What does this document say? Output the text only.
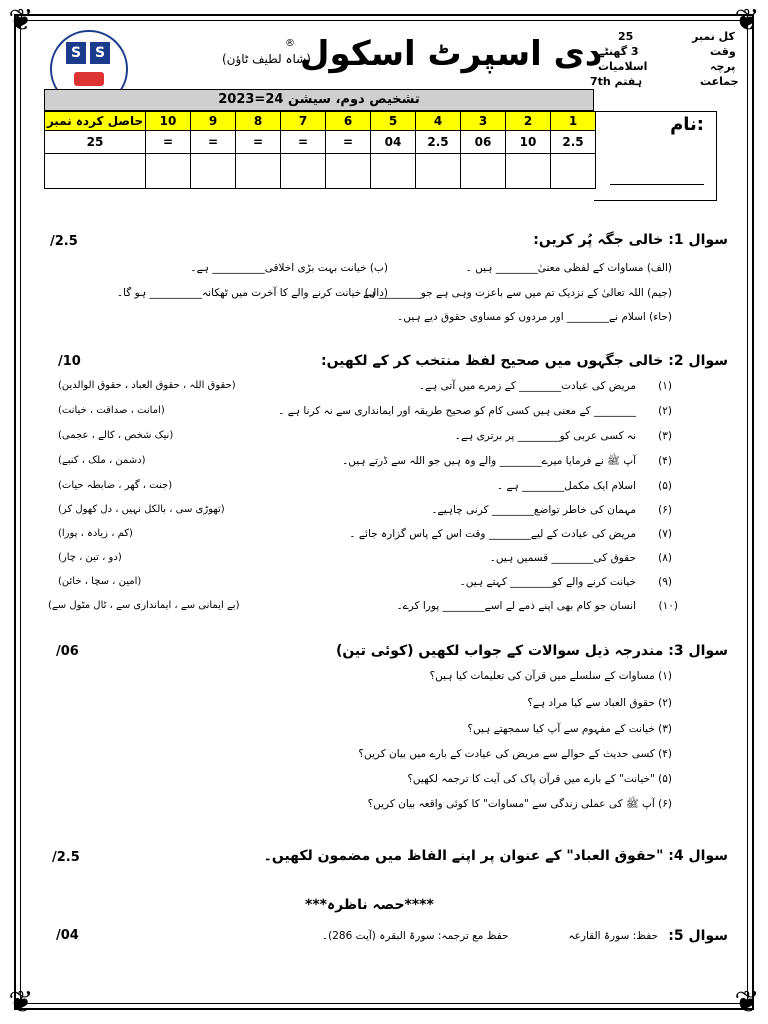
❦	❦
❦	❦
S S	دی اسپرٹ اسکول
®
(شاہ لطیف ٹاؤن)
کل نمبر
25
وقت
3 گھنٹے
پرچہ
اسلامیات
جماعت
ہفتم 7th
تشخیص دوم، سیشن 24=2023
حاصل کردہ نمبر	10	9	8	7	6	5	4	3	2	1
25	=	=	=	=	=	04	2.5	06	10	2.5

نام:
سوال 1: خالی جگہ پُر کریں:
/2.5
(الف) مساوات کے لفظی معنیٰ________ ہیں ۔
(ب) خیانت بہت بڑی اخلاقی__________ ہے۔
(جیم) اللہ تعالیٰ کے نزدیک تم میں سے باعزت وہی ہے جو________ ہے ۔
(دال) خیانت کرنے والے کا آخرت میں ٹھکانہ__________ ہو گا۔
(حاء) اسلام نے________ اور مردوں کو مساوی حقوق دیے ہیں۔
سوال 2: خالی جگہوں میں صحیح لفظ منتخب کر کے لکھیں:
/10
(۱)
مریض کی عیادت________ کے زمرے میں آتی ہے۔
(حقوق اللہ ، حقوق العباد ، حقوق الوالدین)
(۲)
________ کے معنی ہیں کسی کام کو صحیح طریقہ اور ایمانداری سے نہ کرنا ہے ۔
(امانت ، صداقت ، خیانت)
(۳)
نہ کسی عربی کو________ پر برتری ہے۔
(نیک شخص ، کالے ، عجمی)
(۴)
آپ ﷺ نے فرمایا میرے________ والے وہ ہیں جو اللہ سے ڈرتے ہیں۔
(دشمن ، ملک ، کنبے)
(۵)
اسلام ایک مکمل________ ہے ۔
(جنت ، گھر ، ضابطہ حیات)
(۶)
مہمان کی خاطر تواضع________ کرنی چاہیے۔
(تھوڑی سی ، بالکل نہیں ، دل کھول کر)
(۷)
مریض کی عیادت کے لیے________ وقت اس کے پاس گزارہ جائے ۔
(کم ، زیادہ ، پورا)
(۸)
حقوق کی________ قسمیں ہیں۔
(دو ، تین ، چار)
(۹)
خیانت کرنے والے کو________ کہتے ہیں۔
(امین ، سچا ، خائن)
(۱۰)
انسان جو کام بھی اپنے ذمے لے اسے________ پورا کرے۔
(بے ایمانی سے ، ایمانداری سے ، ٹال مٹول سے)
سوال 3: مندرجہ ذیل سوالات کے جواب لکھیں (کوئی تین)
/06
(۱) مساوات کے سلسلے میں قرآن کی تعلیمات کیا ہیں؟
(۲) حقوق العباد سے کیا مراد ہے؟
(۳) خیانت کے مفہوم سے آپ کیا سمجھتے ہیں؟
(۴) کسی حدیث کے حوالے سے مریض کی عیادت کے بارے میں بیان کریں؟
(۵) "خیانت" کے بارے میں قرآن پاک کی آیت کا ترجمہ لکھیں؟
(۶) آپ ﷺ کی عملی زندگی سے "مساوات" کا کوئی واقعہ بیان کریں؟
سوال 4: "حقوق العباد" کے عنوان پر اپنے الفاظ میں مضمون لکھیں۔
/2.5
****حصہ ناظرہ***
سوال 5:
حفظ: سورۃ القارعہ
حفظ مع ترجمہ: سورۃ البقرہ (آیت 286)۔
/04
